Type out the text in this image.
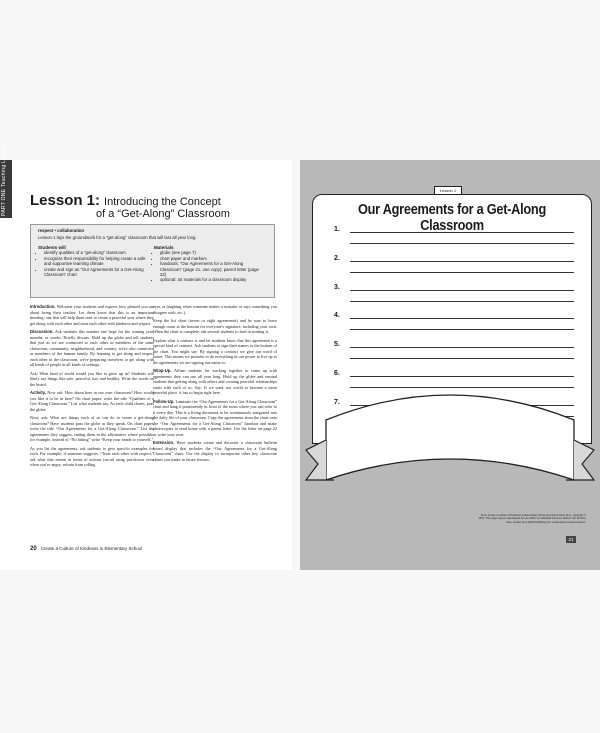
PART ONE Teaching Lessons Lesson 1: Introducing the Concept
of a “Get-Along” Classroom
respect • collaboration
Lesson 1 lays the groundwork for a “get-along” classroom that will last all year long.
Students will
• identify qualities of a “get-along” classroom
• recognize their responsibility for helping create a safe and supportive learning climate
• create and sign an “Our Agreements for a Get-Along Classroom” chart
Materials
• globe (see page 7)
• chart paper and markers
• handouts: “Our Agreements for a Get-Along Classroom” (page 21, one copy); parent letter (page 22)
• optional: art materials for a classroom display

Introduction. Welcome your students and express how pleased you are about being their teacher. Let them know that this is an important meeting, one that will help them start to create a peaceful year where they get along with each other and treat each other with kindness and respect.

Discussion. Ask students this number one hope for the coming year, months, or weeks. Briefly discuss. Hold up the globe and tell students that just as we are connected to each other as members of the same classroom, community, neighborhood, and country, we're also connected as members of the human family. By learning to get along and respect each other in the classroom, we're preparing ourselves to get along with all kinds of people in all kinds of settings.

Ask: What kind of world would you like to grow up in? Students will likely say things like safe, peaceful, fun, and healthy. Write the words on the board.

Activity. Now ask: How about here in our own classroom? How would you like it to be in here? On chart paper, write the title “Qualities of a Get-Along Classroom.” List what students say. As each child shares, pass the globe.

Next, ask: What are things each of us can do to create a get-along classroom? Have students pass the globe as they speak. On chart paper, write the title “Our Agreements for a Get-Along Classroom.” List the agreements they suggest, stating them in the affirmative where possible, for example, instead of “No hitting” write “Keep your hands to yourself.”

As you list the agreements, ask students to give specific examples for each. For example, if someone suggests, “Treat each other with respect,” ask what that means in terms of actions (avoid using put-downs even when you're angry, refrain from rolling

eyes or laughing when someone makes a mistake or says something you disagree with, etc.).

Keep the list short (seven or eight agreements) and be sure to leave enough room at the bottom for everyone's signature, including your own. When the chart is complete, ask several students to lead in reading it.

Explain what a contract is and let students know that this agreement is a special kind of contract. Ask students to sign their names to the bottom of the chart. You might say: By signing a contract we give our word of honor. This means we promise to do everything in our power to live up to the agreements we are signing our name to.

Wrap-Up. Affirm students for working together to come up with agreements they can use all year long. Hold up the globe and remind students that getting along with others and creating peaceful relationships starts with each of us. Say: If we want our world to become a more peaceful place, it has to begin right here.

Follow-Up. Laminate the “Our Agreements for a Get-Along Classroom” chart and hang it prominently in front of the room where you can refer to it every day. This is a living document to be continuously integrated into the daily life of your classroom. Copy the agreements from the chart onto the “Our Agreements for a Get-Along Classroom” handout and make photocopies to send home with a parent letter. Use the letter on page 22 or write your own.

Extension. Have students create and decorate a classroom bulletin board display that includes the “Our Agreements for a Get-Along Classroom” chart. Use the display to incorporate other key classroom charts you make in future lessons.

20 Create a Culture of Kindness in Elementary School
Lesson 1
Our Agreements for a Get-Along Classroom
1.
2.
3.
4.
5.
6.
7.
From Create a Culture of Kindness in Elementary School by Naomi Drew, M.A., copyright © 2017. This page may be reproduced for use within an individual school or district. For all other uses, contact Free Spirit Publishing Inc. at freespirit.com/permissions.
21
